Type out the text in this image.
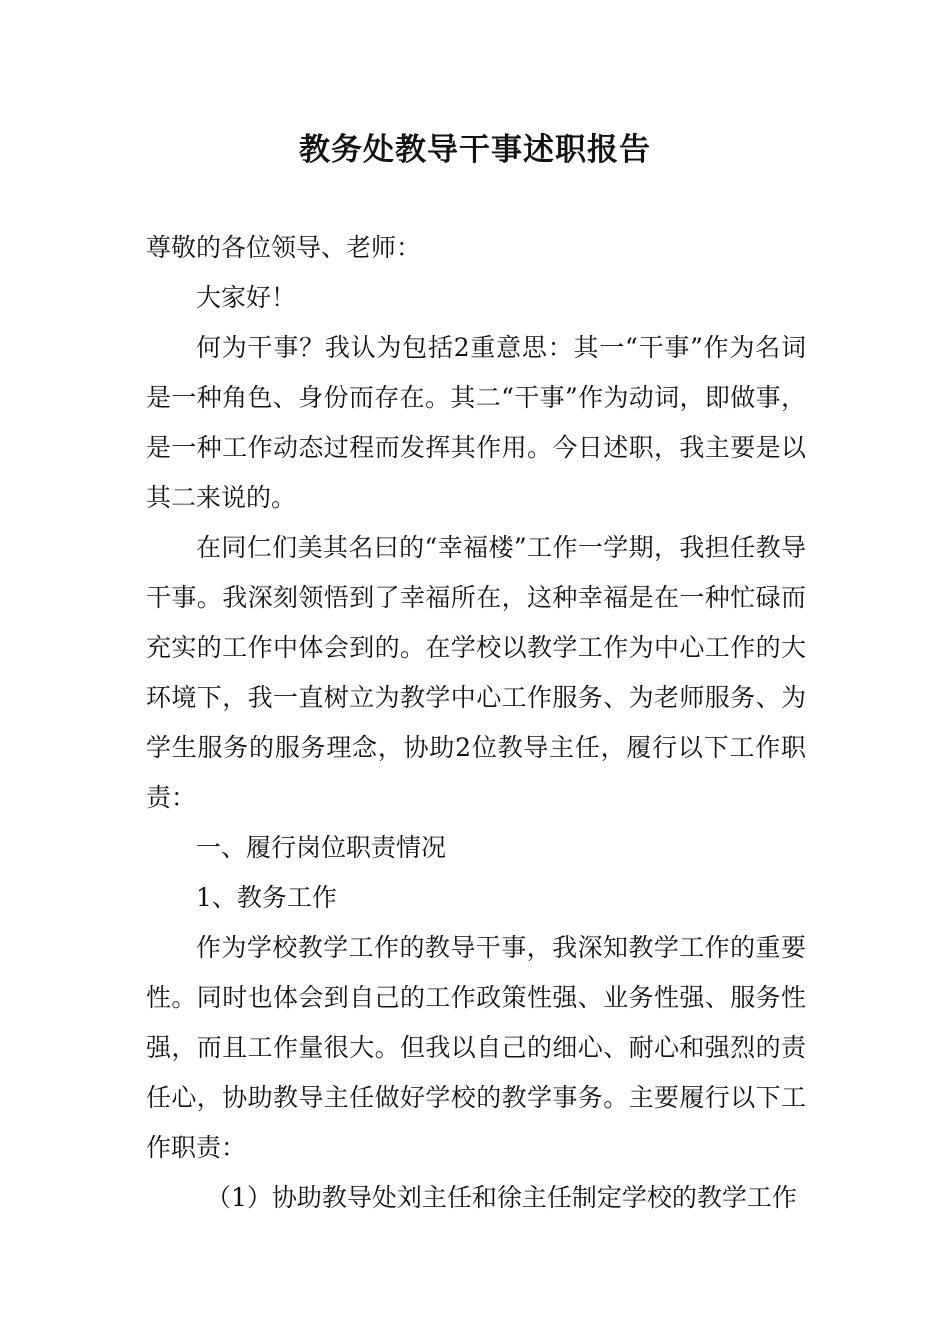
教务处教导干事述职报告

尊敬的各位领导、老师：

大家好！

何为干事？我认为包括2重意思：其一“干事”作为名词是一种角色、身份而存在。其二“干事”作为动词，即做事，是一种工作动态过程而发挥其作用。今日述职，我主要是以其二来说的。

在同仁们美其名曰的“幸福楼”工作一学期，我担任教导干事。我深刻领悟到了幸福所在，这种幸福是在一种忙碌而充实的工作中体会到的。在学校以教学工作为中心工作的大环境下，我一直树立为教学中心工作服务、为老师服务、为学生服务的服务理念，协助2位教导主任，履行以下工作职责：

一、履行岗位职责情况

1、教务工作

作为学校教学工作的教导干事，我深知教学工作的重要性。同时也体会到自己的工作政策性强、业务性强、服务性强，而且工作量很大。但我以自己的细心、耐心和强烈的责任心，协助教导主任做好学校的教学事务。主要履行以下工作职责：

（1）协助教导处刘主任和徐主任制定学校的教学工作
